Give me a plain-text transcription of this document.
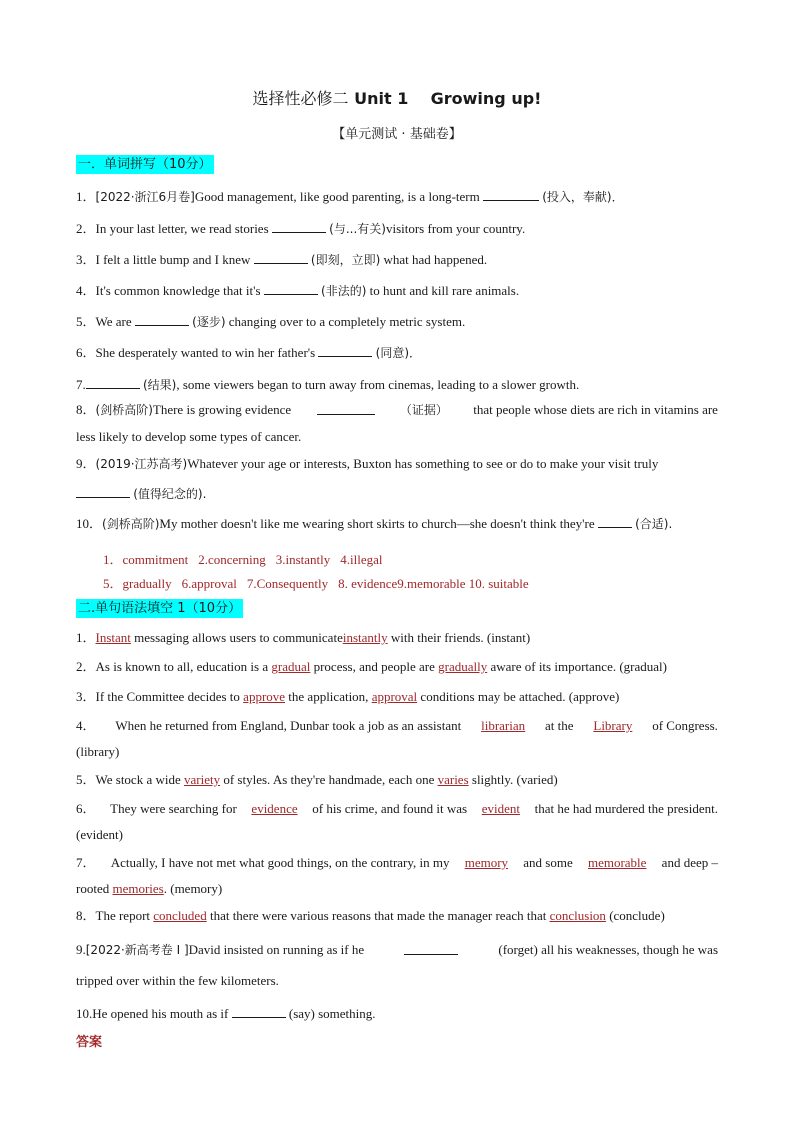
选择性必修二 Unit 1 Growing up!
【单元测试 · 基础卷】
一．单词拼写（10分）
1．[2022·浙江6月卷]Good management, like good parenting, is a long-term	(投入，奉献)．
2．In your last letter, we read stories	(与...有关)visitors from your country.
3．I felt a little bump and I knew	(即刻，立即) what had happened.
4．It's common knowledge that it's	(非法的) to hunt and kill rare animals.
5．We are	(逐步) changing over to a completely metric system.
6．She desperately wanted to win her father's	(同意)．
7.	(结果), some viewers began to turn away from cinemas, leading to a slower growth.
8．(剑桥高阶)There is growing evidence	（证据） that people whose diets are rich in vitamins are
less likely to develop some types of cancer.
9．(2019·江苏高考)Whatever your age or interests, Buxton has something to see or do to make your visit truly
(值得纪念的).
10．(剑桥高阶)My mother doesn't like me wearing short skirts to church—she doesn't think they're	(合适).
1．commitment 2.concerning 3.instantly 4.illegal
5．gradually 6.approval 7.Consequently 8. evidence9.memorable 10. suitable
二.单句语法填空 1（10分）
1．Instant messaging allows users to communicateinstantly with their friends. (instant)
2．As is known to all, education is a gradual process, and people are gradually aware of its importance. (gradual)
3．If the Committee decides to approve the application, approval conditions may be attached. (approve)
4． When he returned from England, Dunbar took a job as an assistant librarian at the Library of Congress.
(library)
5．We stock a wide variety of styles. As they're handmade, each one varies slightly. (varied)
6． They were searching for evidence of his crime, and found it was evident that he had murdered the president.
(evident)
7． Actually, I have not met what good things, on the contrary, in my memory and some memorable and deep –
rooted memories. (memory)
8．The report concluded that there were various reasons that made the manager reach that conclusion (conclude)
9.[2022·新高考卷 I ]David insisted on running as if he	(forget) all his weaknesses, though he was
tripped over within the few kilometers.
10.He opened his mouth as if	(say) something.
答案
